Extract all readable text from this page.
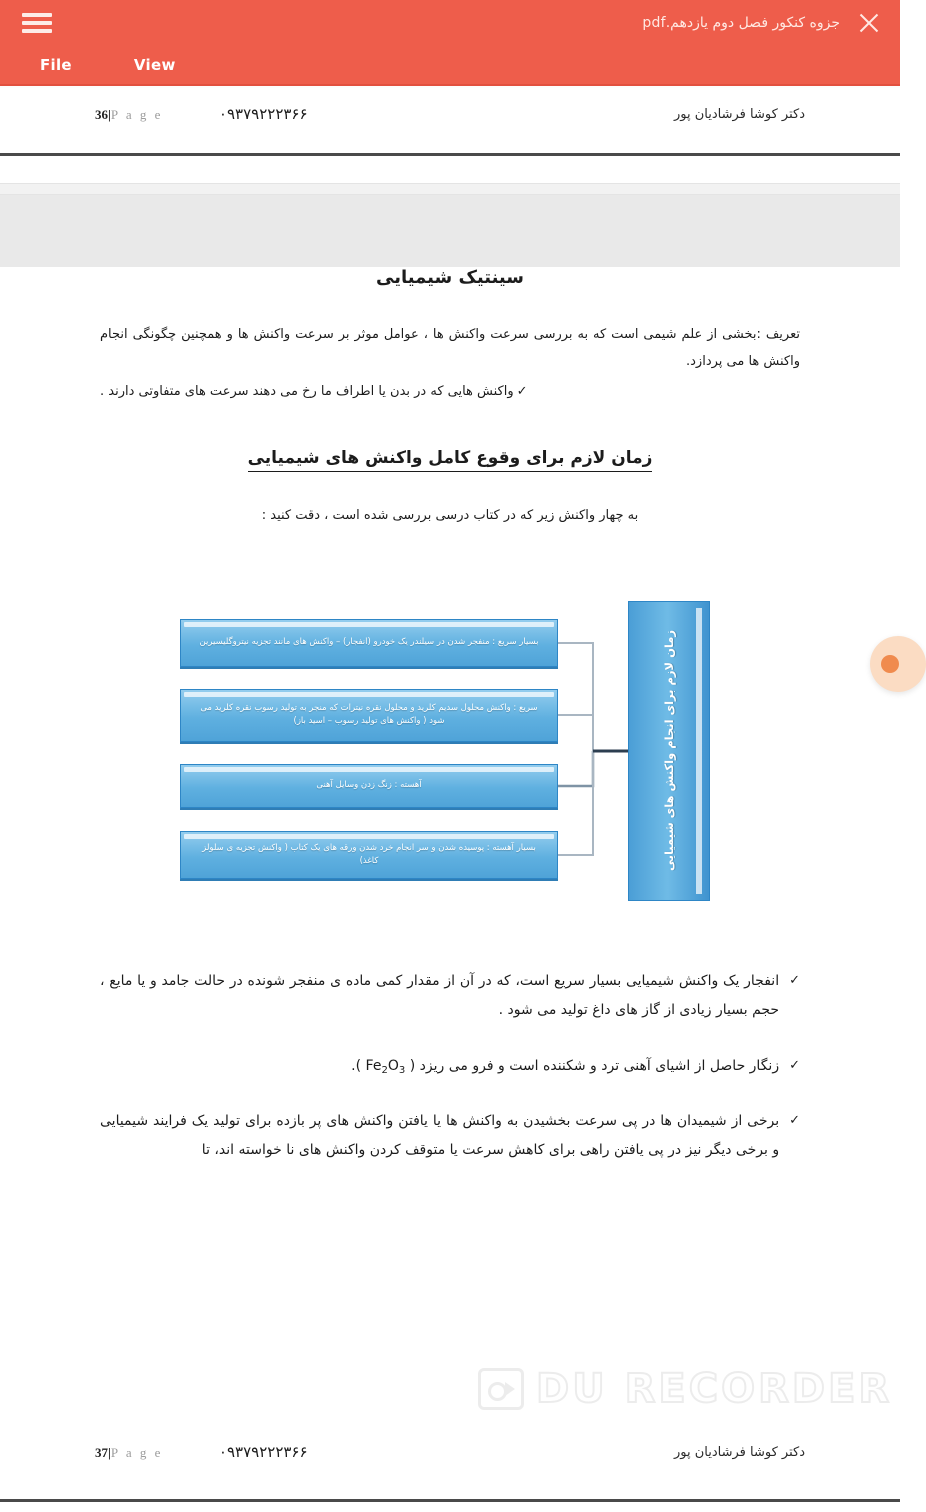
جزوه کنکور فصل دوم یازدهم.pdf
File	View
36|P a g e	۰۹۳۷۹۲۲۲۳۶۶	دکتر کوشا فرشادیان پور
سینتیک شیمیایی
تعریف :بخشی از علم شیمی است که به بررسی سرعت واکنش ها ، عوامل موثر بر سرعت واکنش ها و همچنین چگونگی انجام واکنش ها می پردازد.
✓
واکنش هایی که در بدن یا اطراف ما رخ می دهند سرعت های متفاوتی دارند .
زمان لازم برای وقوع کامل واکنش های شیمیایی
به چهار واکنش زیر که در کتاب درسی بررسی شده است ، دقت کنید :
بسیار سریع : منفجر شدن در سیلندر یک خودرو (انفجار) – واکنش های مانند تجزیه نیتروگلیسیرین
سریع : واکنش محلول سدیم کلرید و محلول نقره نیترات که منجر به تولید رسوب نقره کلرید می شود ( واکنش های تولید رسوب – اسید باز)
آهسته : زنگ زدن وسایل آهنی
بسیار آهسته : پوسیده شدن و سر انجام خرد شدن ورقه های یک کتاب ( واکنش تجزیه ی سلولز کاغذ)	زمان لازم برای انجام واکنش های شیمیایی
✓
انفجار یک واکنش شیمیایی بسیار سریع است، که در آن از مقدار کمی ماده ی منفجر شونده در حالت جامد و یا مایع ، حجم بسیار زیادی از گاز های داغ تولید می شود .
✓
زنگار حاصل از اشیای آهنی ترد و شکننده است و فرو می ریزد ( $Fe_2O_3$ ).
✓
برخی از شیمیدان ها در پی سرعت بخشیدن به واکنش ها یا یافتن واکنش های پر بازده برای تولید یک فرایند شیمیایی و برخی دیگر نیز در پی یافتن راهی برای کاهش سرعت یا متوقف کردن واکنش های نا خواسته اند، تا
37|P a g e	۰۹۳۷۹۲۲۲۳۶۶	دکتر کوشا فرشادیان پور
